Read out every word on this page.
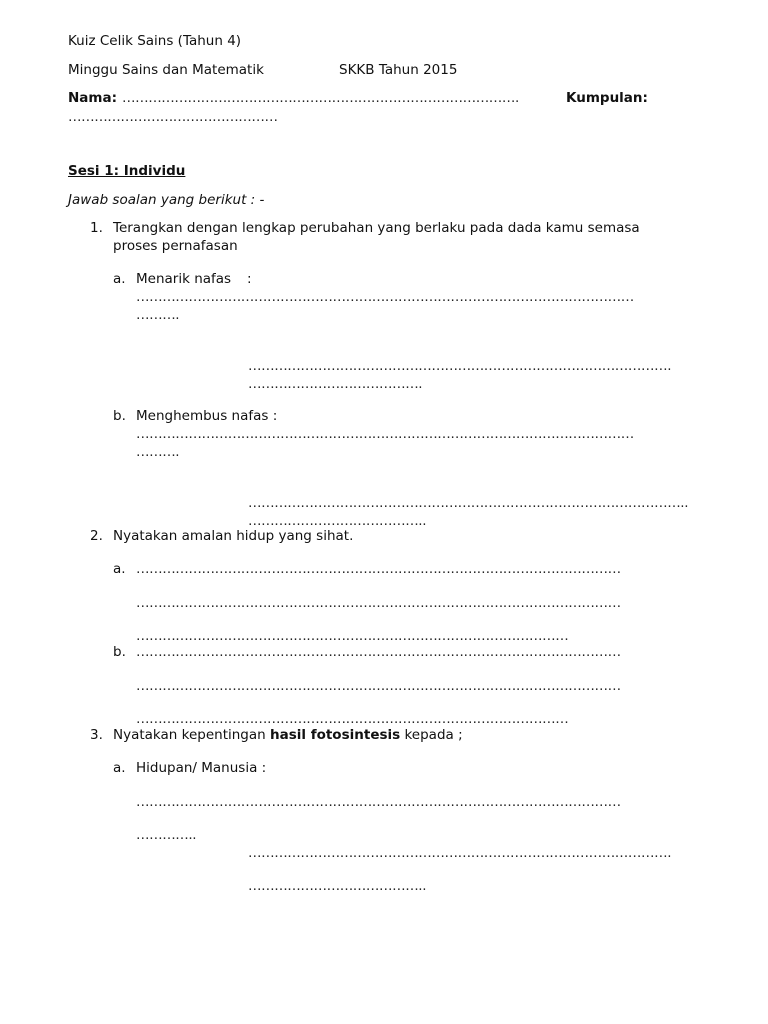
Kuiz Celik Sains (Tahun 4)
Minggu Sains dan Matematik	SKKB Tahun 2015
Nama: ……………………………………………………………………………….	Kumpulan:
…………………………………………
Sesi 1: Individu
Jawab soalan yang berikut : -
1. Terangkan dengan lengkap perubahan yang berlaku pada dada kamu semasa
proses pernafasan
a. Menarik nafas :
……………………………………………………………………………………………………
……….
…………………………………………………………………………………….
………………………………….
b. Menghembus nafas :
……………………………………………………………………………………………………
……….
………………………………………………………………………………………..
…………………………………..
2. Nyatakan amalan hidup yang sihat.
a. …………………………………………………………………………………………………
…………………………………………………………………………………………………
………………………………………………………………………………………
b. …………………………………………………………………………………………………
…………………………………………………………………………………………………
………………………………………………………………………………………
3. Nyatakan kepentingan hasil fotosintesis kepada ;
a. Hidupan/ Manusia :
…………………………………………………………………………………………………
…………..
…………………………………………………………………………………….
…………………………………..
